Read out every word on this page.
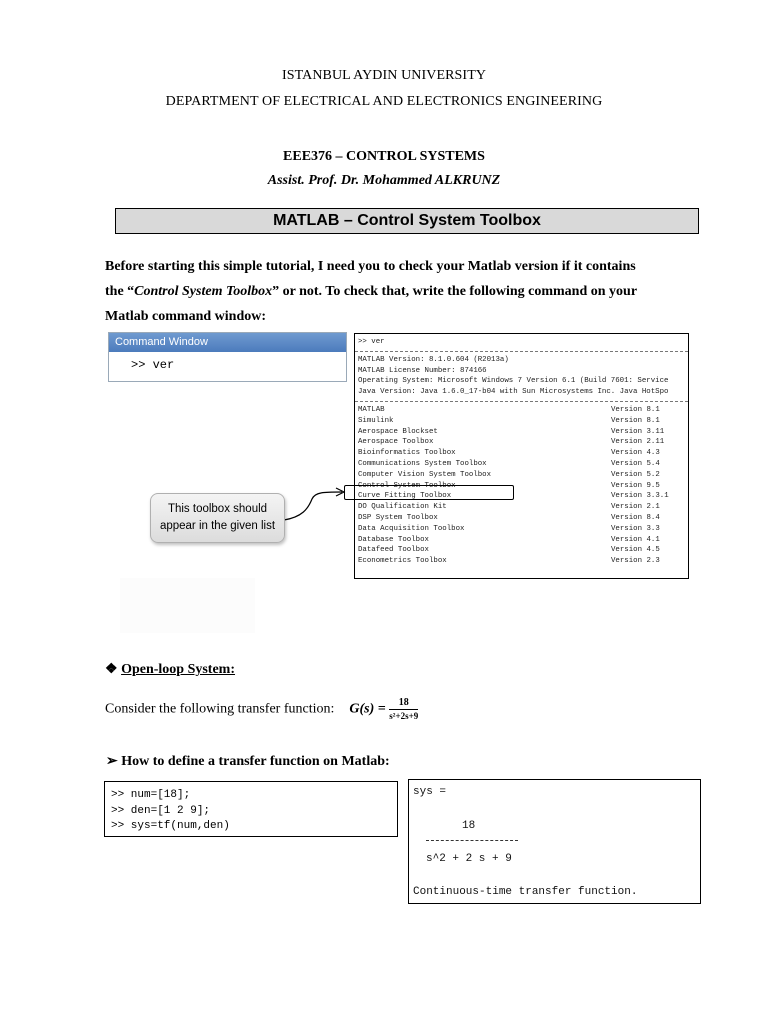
ISTANBUL AYDIN UNIVERSITY
DEPARTMENT OF ELECTRICAL AND ELECTRONICS ENGINEERING
EEE376 – CONTROL SYSTEMS
Assist. Prof. Dr. Mohammed ALKRUNZ
MATLAB – Control System Toolbox

Before starting this simple tutorial, I need you to check your Matlab version if it contains

the “Control System Toolbox” or not. To check that, write the following command on your

Matlab command window:

Command Window
>> ver
>> ver
MATLAB Version: 8.1.0.604 (R2013a)
MATLAB License Number: 874166
Operating System: Microsoft Windows 7 Version 6.1 (Build 7601: Service
Java Version: Java 1.6.0_17-b04 with Sun Microsystems Inc. Java HotSpo
MATLAB	Version 8.1
Simulink	Version 8.1
Aerospace Blockset	Version 3.11
Aerospace Toolbox	Version 2.11
Bioinformatics Toolbox	Version 4.3
Communications System Toolbox	Version 5.4
Computer Vision System Toolbox	Version 5.2
Control System Toolbox	Version 9.5
Curve Fitting Toolbox	Version 3.3.1
DO Qualification Kit	Version 2.1
DSP System Toolbox	Version 8.4
Data Acquisition Toolbox	Version 3.3
Database Toolbox	Version 4.1
Datafeed Toolbox	Version 4.5
Econometrics Toolbox	Version 2.3
This toolbox should
appear in the given list
❖ Open-loop System:
Consider the following transfer function: $G(s) = \frac{18}{\text{s²+2s+9}}$
➢ How to define a transfer function on Matlab:
>> num=[18];
>> den=[1 2 9];
>> sys=tf(num,den)
sys =
18
s^2 + 2 s + 9
Continuous-time transfer function.
